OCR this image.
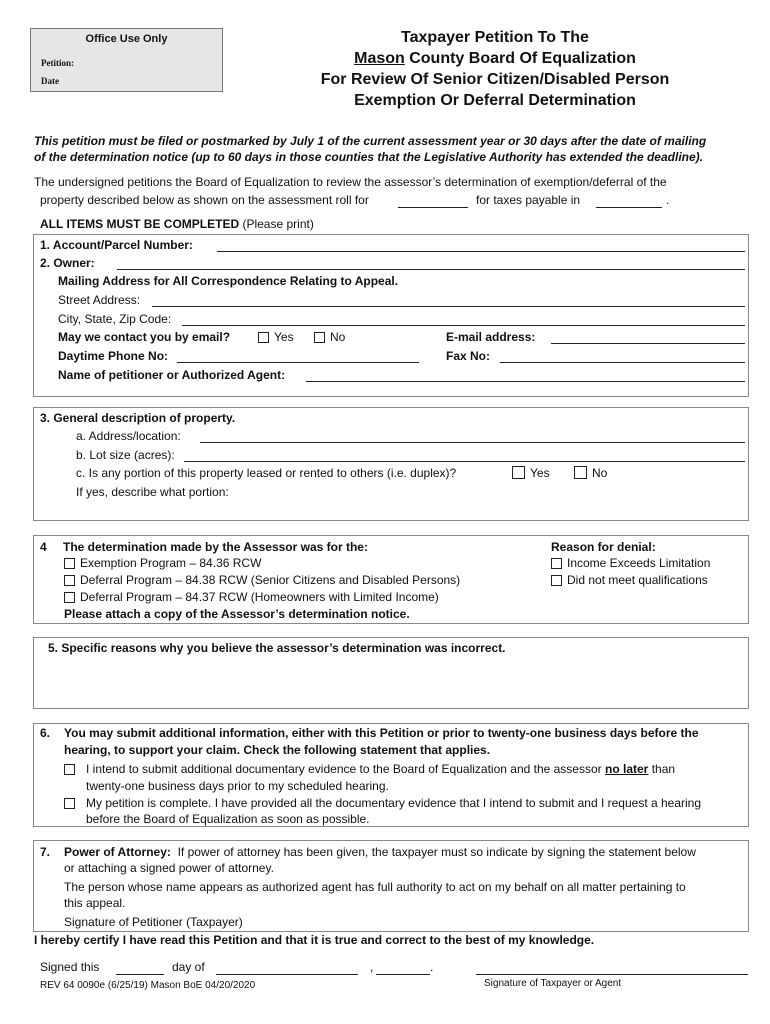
Office Use Only
Petition:
Date
Taxpayer Petition To The
Mason County Board Of Equalization
For Review Of Senior Citizen/Disabled Person
Exemption Or Deferral Determination
This petition must be filed or postmarked by July 1 of the current assessment year or 30 days after the date of mailing
of the determination notice (up to 60 days in those counties that the Legislative Authority has extended the deadline).
The undersigned petitions the Board of Equalization to review the assessor’s determination of exemption/deferral of the
property described below as shown on the assessment roll for	for taxes payable in	.
ALL ITEMS MUST BE COMPLETED (Please print)
1. Account/Parcel Number:
2. Owner:
Mailing Address for All Correspondence Relating to Appeal.
Street Address:
City, State, Zip Code:
May we contact you by email?	Yes	No	E-mail address:
Daytime Phone No:	Fax No:
Name of petitioner or Authorized Agent:
3. General description of property.
a. Address/location:
b. Lot size (acres):
c. Is any portion of this property leased or rented to others (i.e. duplex)?	Yes	No
If yes, describe what portion:
4 The determination made by the Assessor was for the:
Exemption Program – 84.36 RCW
Deferral Program – 84.38 RCW (Senior Citizens and Disabled Persons)
Deferral Program – 84.37 RCW (Homeowners with Limited Income)
Please attach a copy of the Assessor’s determination notice.
Reason for denial:
Income Exceeds Limitation
Did not meet qualifications
5. Specific reasons why you believe the assessor’s determination was incorrect.
6. You may submit additional information, either with this Petition or prior to twenty-one business days before the
hearing, to support your claim. Check the following statement that applies.
I intend to submit additional documentary evidence to the Board of Equalization and the assessor no later than
twenty-one business days prior to my scheduled hearing.
My petition is complete. I have provided all the documentary evidence that I intend to submit and I request a hearing
before the Board of Equalization as soon as possible.
7. Power of Attorney: If power of attorney has been given, the taxpayer must so indicate by signing the statement below
or attaching a signed power of attorney.
The person whose name appears as authorized agent has full authority to act on my behalf on all matter pertaining to
this appeal.
Signature of Petitioner (Taxpayer)
I hereby certify I have read this Petition and that it is true and correct to the best of my knowledge.
Signed this	day of	,	.
REV 64 0090e (6/25/19) Mason BoE 04/20/2020	Signature of Taxpayer or Agent
